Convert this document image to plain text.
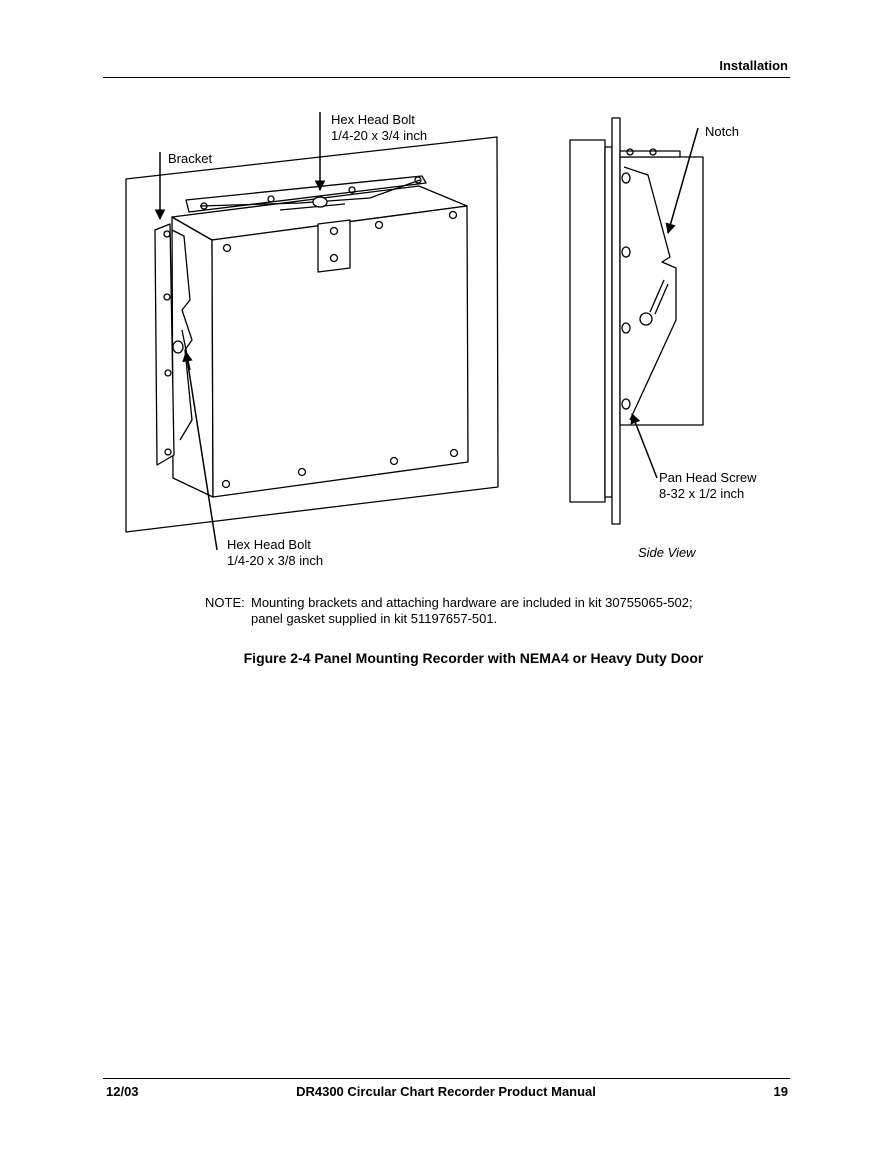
Installation
Hex Head Bolt
1/4-20 x 3/4 inch
Bracket
Notch
Pan Head Screw
8-32 x 1/2 inch
Hex Head Bolt
1/4-20 x 3/8 inch
Side View
NOTE: Mounting brackets and attaching hardware are included in kit 30755065-502;
panel gasket supplied in kit 51197657-501.
Figure 2-4 Panel Mounting Recorder with NEMA4 or Heavy Duty Door
12/03	DR4300 Circular Chart Recorder Product Manual	19
